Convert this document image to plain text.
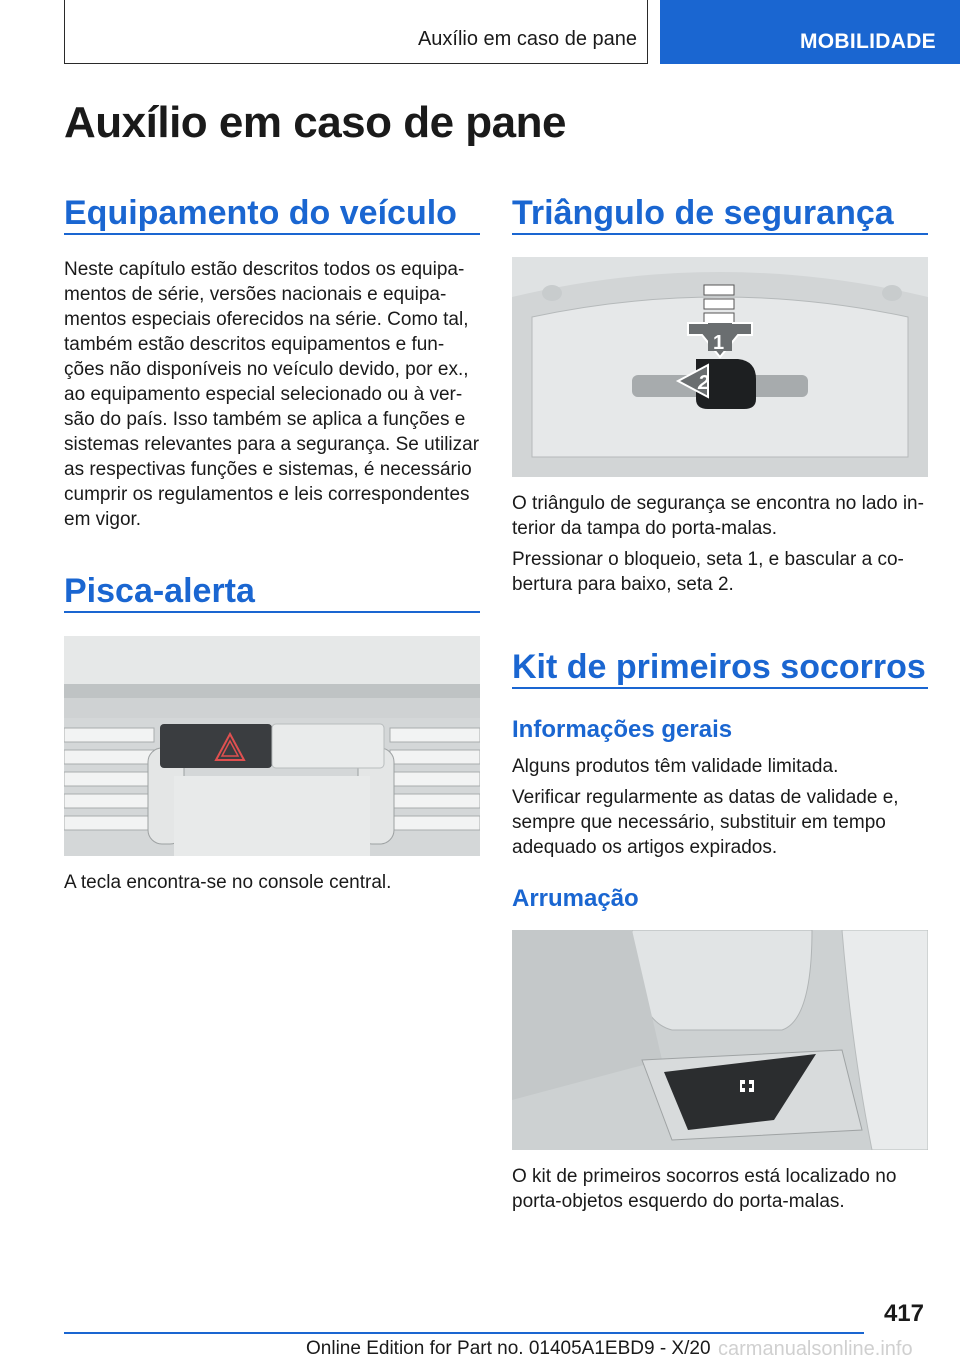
Auxílio em caso de pane	MOBILIDADE
Auxílio em caso de pane
Equipamento do veículo
Neste capítulo estão descritos todos os equipa-
mentos de série, versões nacionais e equipa-
mentos especiais oferecidos na série. Como tal,
também estão descritos equipamentos e fun-
ções não disponíveis no veículo devido, por ex.,
ao equipamento especial selecionado ou à ver-
são do país. Isso também se aplica a funções e
sistemas relevantes para a segurança. Se utilizar
as respectivas funções e sistemas, é necessário
cumprir os regulamentos e leis correspondentes
em vigor.
Pisca-alerta
A tecla encontra-se no console central.
Triângulo de segurança
1
2
O triângulo de segurança se encontra no lado in-
terior da tampa do porta-malas.
Pressionar o bloqueio, seta 1, e bascular a co-
bertura para baixo, seta 2.
Kit de primeiros socorros
Informações gerais
Alguns produtos têm validade limitada.
Verificar regularmente as datas de validade e,
sempre que necessário, substituir em tempo
adequado os artigos expirados.
Arrumação
O kit de primeiros socorros está localizado no
porta-objetos esquerdo do porta-malas.
417
Online Edition for Part no. 01405A1EBD9 - X/20 carmanualsonline.info
